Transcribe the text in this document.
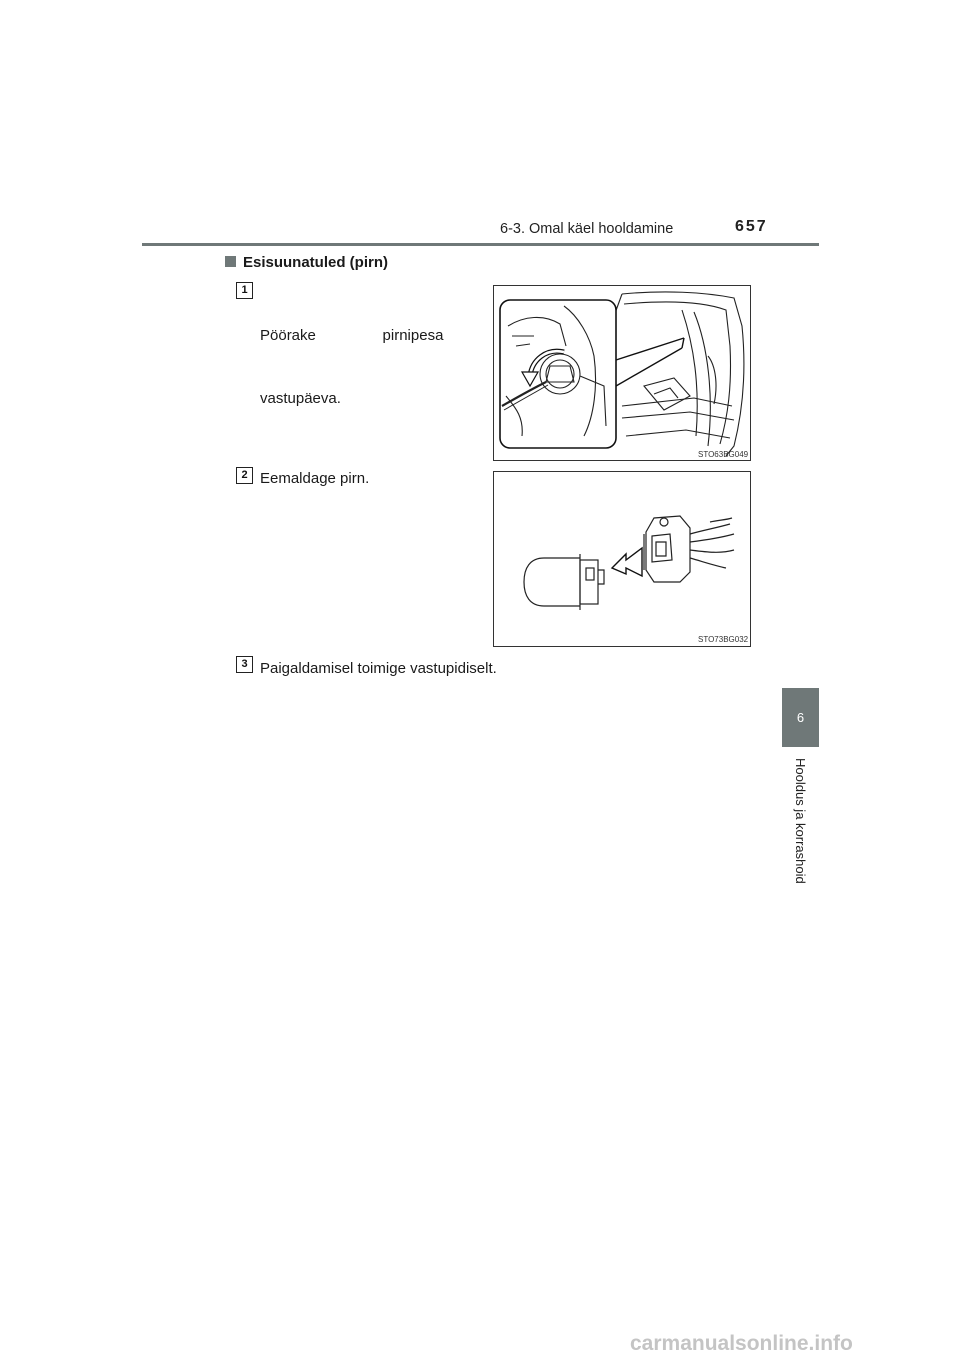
6-3. Omal käel hooldamine	657
6
Hooldus ja korrashoid
Esisuunatuled (pirn)
1

Pöörake                pirnipesa

vastupäeva.

STO63BG049
2 Eemaldage pirn.
STO73BG032
3 Paigaldamisel toimige vastupidiselt.
carmanualsonline.info
